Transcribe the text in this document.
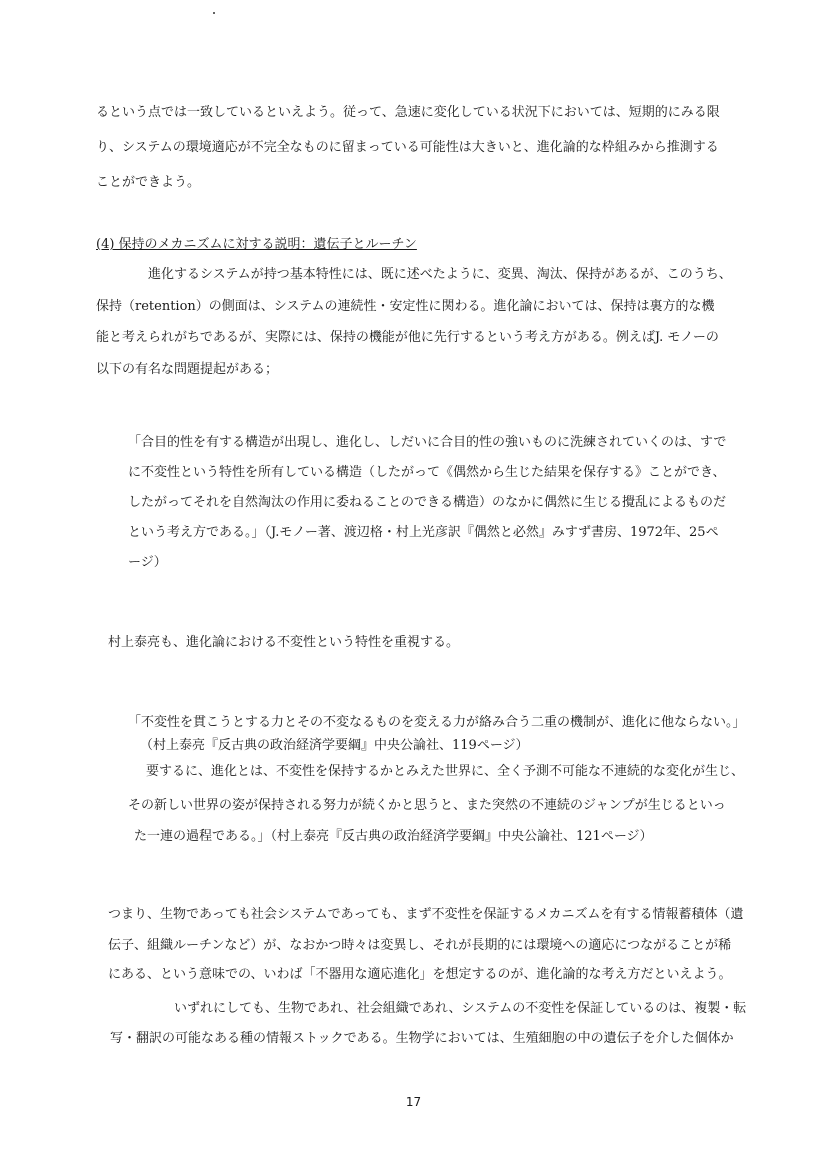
るという点では一致しているといえよう。従って、急速に変化している状況下においては、短期的にみる限
り、システムの環境適応が不完全なものに留まっている可能性は大きいと、進化論的な枠組みから推測する
ことができよう。
(4) 保持のメカニズムに対する説明：遺伝子とルーチン
進化するシステムが持つ基本特性には、既に述べたように、変異、淘汰、保持があるが、このうち、
保持（retention）の側面は、システムの連続性・安定性に関わる。進化論においては、保持は裏方的な機
能と考えられがちであるが、実際には、保持の機能が他に先行するという考え方がある。例えばJ. モノーの
以下の有名な問題提起がある；
「合目的性を有する構造が出現し、進化し、しだいに合目的性の強いものに洗練されていくのは、すで
に不変性という特性を所有している構造（したがって《偶然から生じた結果を保存する》ことができ、
したがってそれを自然淘汰の作用に委ねることのできる構造）のなかに偶然に生じる攪乱によるものだ
という考え方である。」（J.モノー著、渡辺格・村上光彦訳『偶然と必然』みすず書房、1972年、25ペ
ージ）
村上泰亮も、進化論における不変性という特性を重視する。
「不変性を貫こうとする力とその不変なるものを変える力が絡み合う二重の機制が、進化に他ならない。」
（村上泰亮『反古典の政治経済学要綱』中央公論社、119ページ）
要するに、進化とは、不変性を保持するかとみえた世界に、全く予測不可能な不連続的な変化が生じ、
その新しい世界の姿が保持される努力が続くかと思うと、また突然の不連続のジャンプが生じるといっ
た一連の過程である。」（村上泰亮『反古典の政治経済学要綱』中央公論社、121ページ）
つまり、生物であっても社会システムであっても、まず不変性を保証するメカニズムを有する情報蓄積体（遺
伝子、組織ルーチンなど）が、なおかつ時々は変異し、それが長期的には環境への適応につながることが稀
にある、という意味での、いわば「不器用な適応進化」を想定するのが、進化論的な考え方だといえよう。
いずれにしても、生物であれ、社会組織であれ、システムの不変性を保証しているのは、複製・転
写・翻訳の可能なある種の情報ストックである。生物学においては、生殖細胞の中の遺伝子を介した個体か
17
